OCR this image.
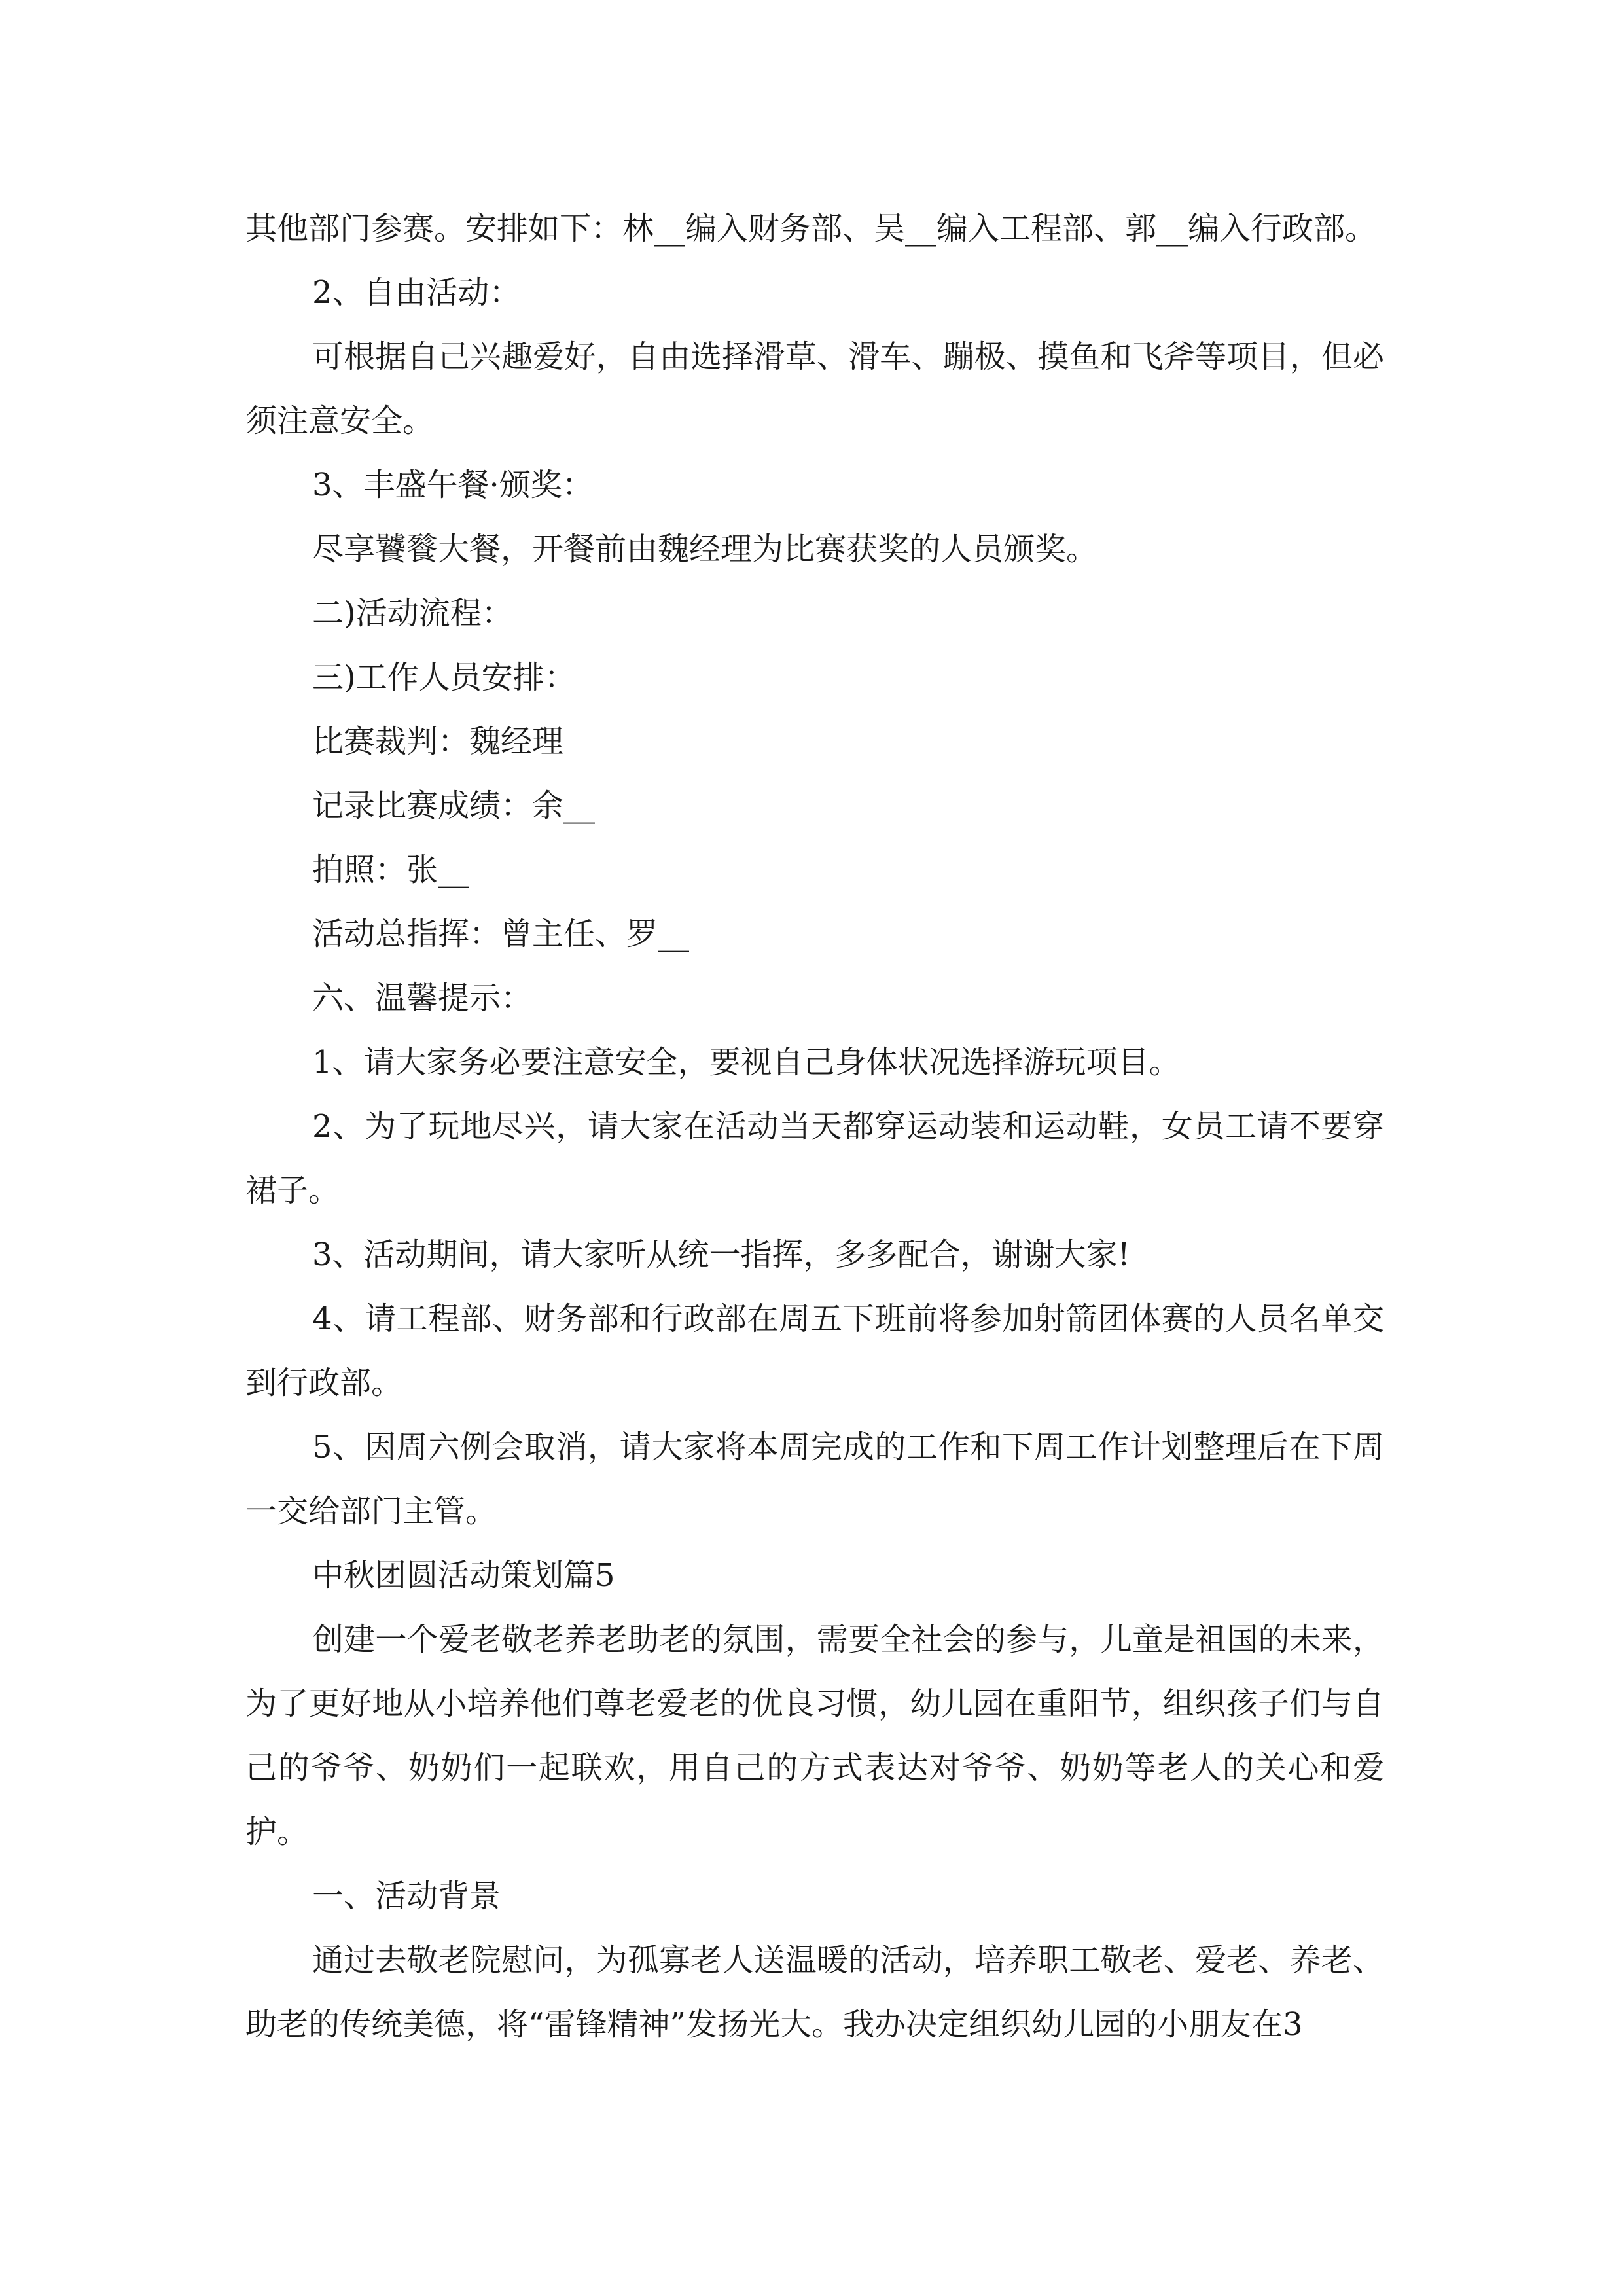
其他部门参赛。安排如下：林__编入财务部、吴__编入工程部、郭__编入行政部。

2、自由活动：

可根据自己兴趣爱好，自由选择滑草、滑车、蹦极、摸鱼和飞斧等项目，但必须注意安全。

3、丰盛午餐·颁奖：

尽享饕餮大餐，开餐前由魏经理为比赛获奖的人员颁奖。

二)活动流程：

三)工作人员安排：

比赛裁判：魏经理

记录比赛成绩：余__

拍照：张__

活动总指挥：曾主任、罗__

六、温馨提示：

1、请大家务必要注意安全，要视自己身体状况选择游玩项目。

2、为了玩地尽兴，请大家在活动当天都穿运动装和运动鞋，女员工请不要穿裙子。

3、活动期间，请大家听从统一指挥，多多配合，谢谢大家!

4、请工程部、财务部和行政部在周五下班前将参加射箭团体赛的人员名单交到行政部。

5、因周六例会取消，请大家将本周完成的工作和下周工作计划整理后在下周一交给部门主管。

中秋团圆活动策划篇5

创建一个爱老敬老养老助老的氛围，需要全社会的参与，儿童是祖国的未来，为了更好地从小培养他们尊老爱老的优良习惯，幼儿园在重阳节，组织孩子们与自己的爷爷、奶奶们一起联欢，用自己的方式表达对爷爷、奶奶等老人的关心和爱护。

一、活动背景

通过去敬老院慰问，为孤寡老人送温暖的活动，培养职工敬老、爱老、养老、助老的传统美德，将“雷锋精神”发扬光大。我办决定组织幼儿园的小朋友在3
